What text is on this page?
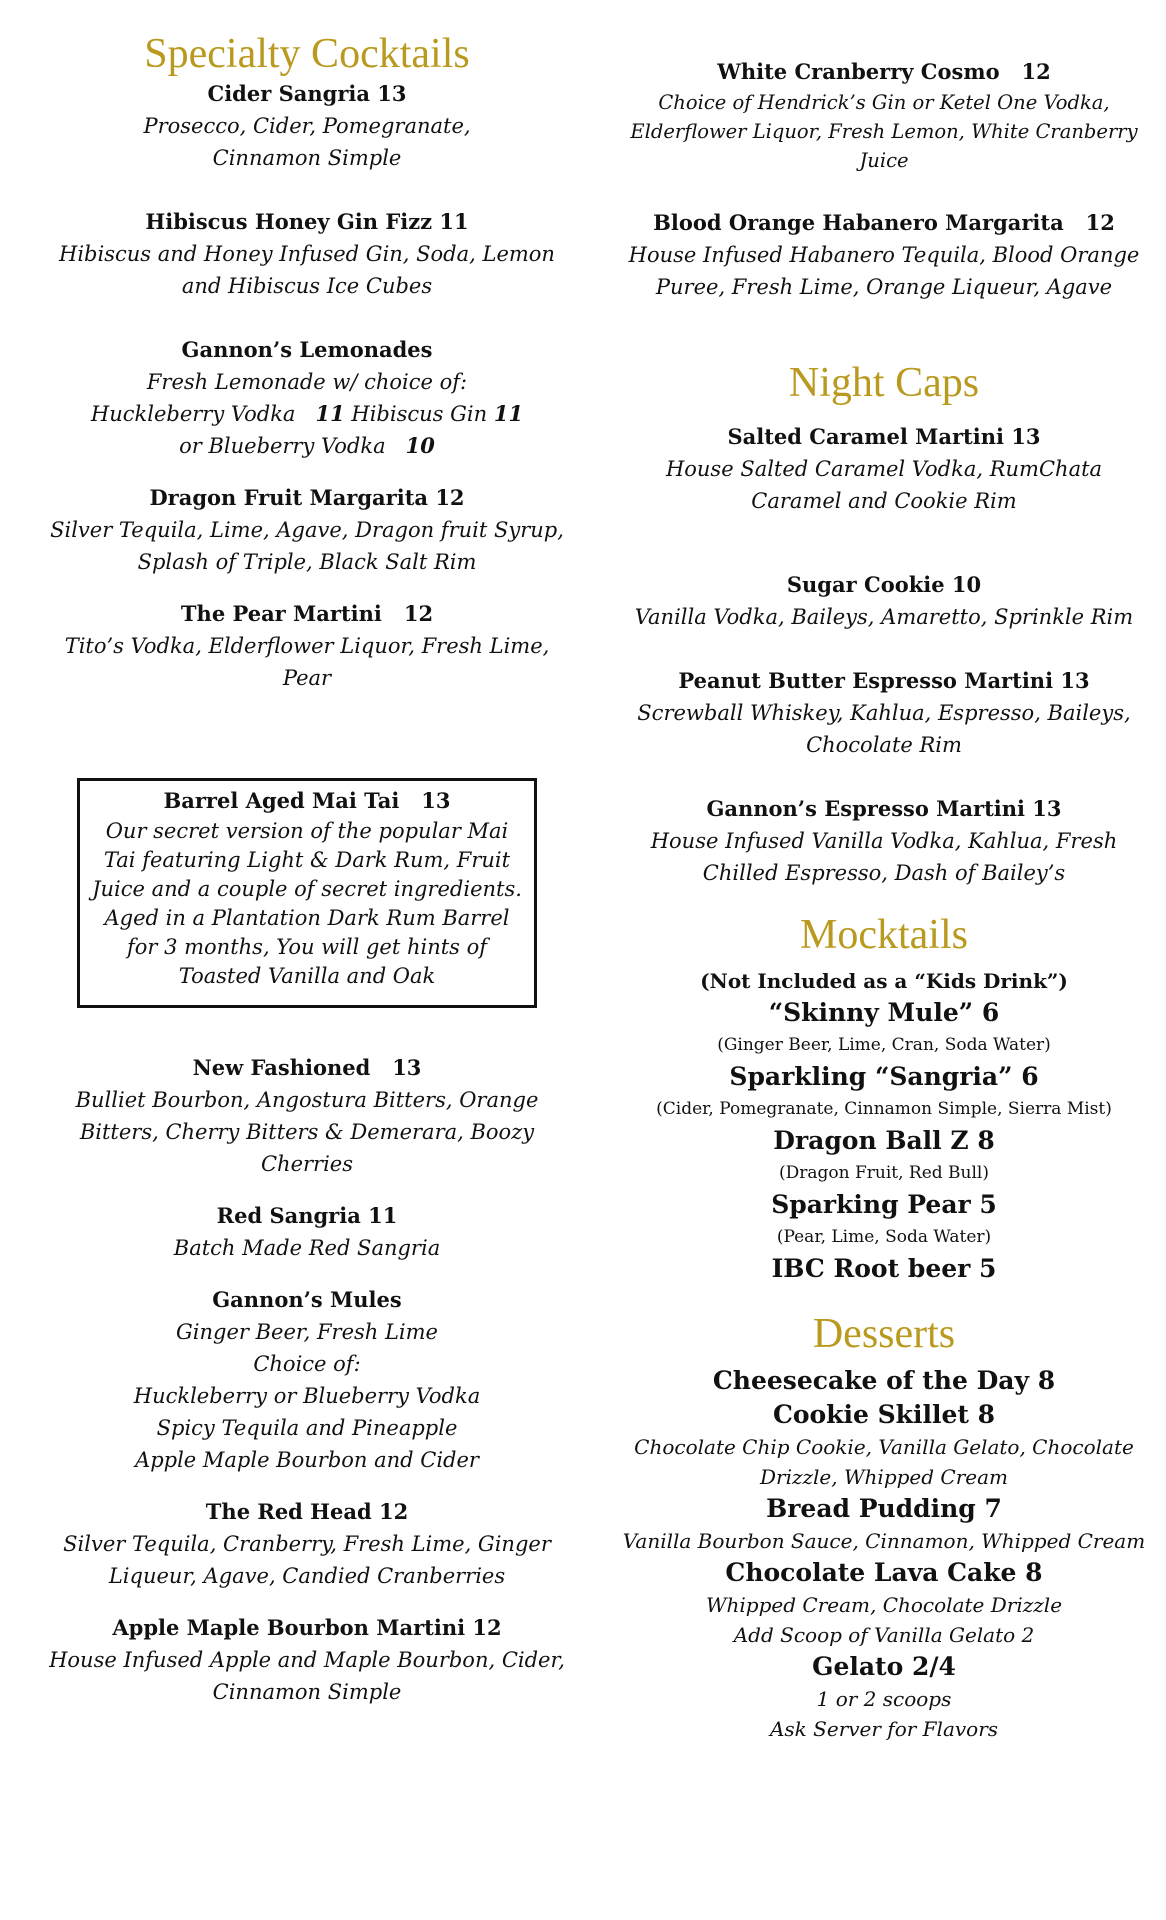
Specialty Cocktails
Cider Sangria 13
Prosecco, Cider, Pomegranate,
Cinnamon Simple
Hibiscus Honey Gin Fizz 11
Hibiscus and Honey Infused Gin, Soda, Lemon
and Hibiscus Ice Cubes
Gannon’s Lemonades
Fresh Lemonade w/ choice of:
Huckleberry Vodka 11 Hibiscus Gin 11
or Blueberry Vodka 10
Dragon Fruit Margarita 12
Silver Tequila, Lime, Agave, Dragon fruit Syrup,
Splash of Triple, Black Salt Rim
The Pear Martini   12
Tito’s Vodka, Elderflower Liquor, Fresh Lime,
Pear
Barrel Aged Mai Tai   13
Our secret version of the popular Mai
Tai featuring Light & Dark Rum, Fruit
Juice and a couple of secret ingredients.
Aged in a Plantation Dark Rum Barrel
for 3 months, You will get hints of
Toasted Vanilla and Oak
New Fashioned   13
Bulliet Bourbon, Angostura Bitters, Orange
Bitters, Cherry Bitters & Demerara, Boozy
Cherries
Red Sangria 11
Batch Made Red Sangria
Gannon’s Mules
Ginger Beer, Fresh Lime
Choice of:
Huckleberry or Blueberry Vodka
Spicy Tequila and Pineapple
Apple Maple Bourbon and Cider
The Red Head 12
Silver Tequila, Cranberry, Fresh Lime, Ginger
Liqueur, Agave, Candied Cranberries
Apple Maple Bourbon Martini 12
House Infused Apple and Maple Bourbon, Cider,
Cinnamon Simple
White Cranberry Cosmo   12
Choice of Hendrick’s Gin or Ketel One Vodka,
Elderflower Liquor, Fresh Lemon, White Cranberry
Juice
Blood Orange Habanero Margarita   12
House Infused Habanero Tequila, Blood Orange
Puree, Fresh Lime, Orange Liqueur, Agave
Night Caps
Salted Caramel Martini 13
House Salted Caramel Vodka, RumChata
Caramel and Cookie Rim
Sugar Cookie 10
Vanilla Vodka, Baileys, Amaretto, Sprinkle Rim
Peanut Butter Espresso Martini 13
Screwball Whiskey, Kahlua, Espresso, Baileys,
Chocolate Rim
Gannon’s Espresso Martini 13
House Infused Vanilla Vodka, Kahlua, Fresh
Chilled Espresso, Dash of Bailey’s
Mocktails
(Not Included as a “Kids Drink”)
“Skinny Mule” 6
(Ginger Beer, Lime, Cran, Soda Water)
Sparkling “Sangria” 6
(Cider, Pomegranate, Cinnamon Simple, Sierra Mist)
Dragon Ball Z 8
(Dragon Fruit, Red Bull)
Sparking Pear 5
(Pear, Lime, Soda Water)
IBC Root beer 5
Desserts
Cheesecake of the Day 8
Cookie Skillet 8
Chocolate Chip Cookie, Vanilla Gelato, Chocolate
Drizzle, Whipped Cream
Bread Pudding 7
Vanilla Bourbon Sauce, Cinnamon, Whipped Cream
Chocolate Lava Cake 8
Whipped Cream, Chocolate Drizzle
Add Scoop of Vanilla Gelato 2
Gelato 2/4
1 or 2 scoops
Ask Server for Flavors
